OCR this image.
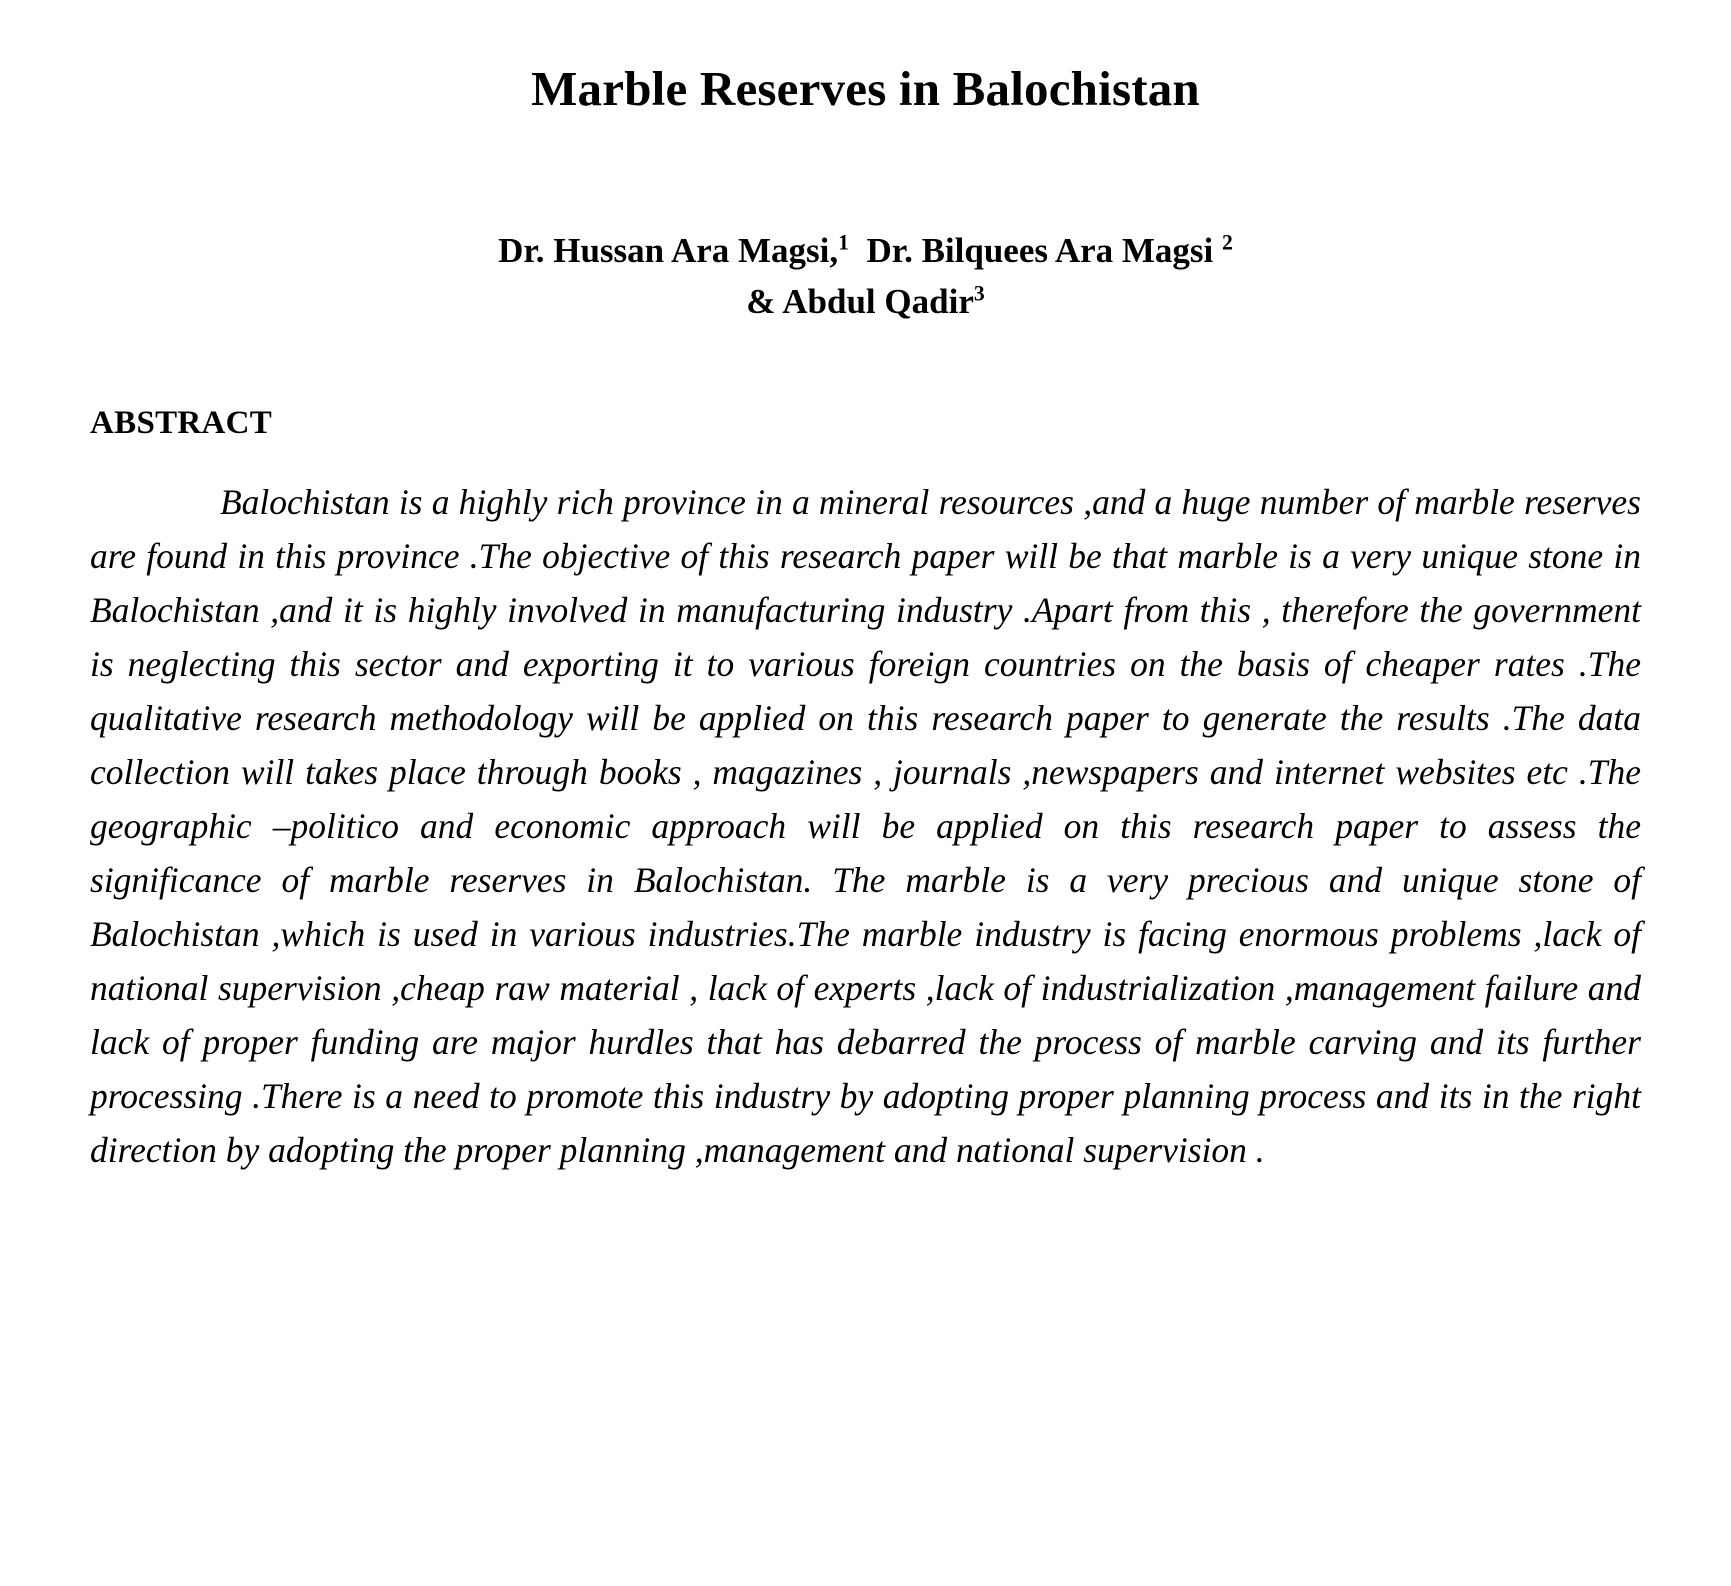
Marble Reserves in Balochistan
Dr. Hussan Ara Magsi,$^1$  Dr. Bilquees Ara Magsi $^2$
& Abdul Qadir$^3$
ABSTRACT

Balochistan is a highly rich province in a mineral resources ,and a huge number of marble reserves are found in this province .The objective of this research paper will be that marble is a very unique stone in Balochistan ,and it is highly involved in manufacturing industry .Apart from this , therefore the government is neglecting this sector and exporting it to various foreign countries on the basis of cheaper rates .The qualitative research methodology will be applied on this research paper to generate the results .The data collection will takes place through books , magazines , journals ,newspapers and internet websites etc .The geographic –politico and economic approach will be applied on this research paper to assess the significance of marble reserves in Balochistan. The marble is a very precious and unique stone of Balochistan ,which is used in various industries.The marble industry is facing enormous problems ,lack of national supervision ,cheap raw material , lack of experts ,lack of industrialization ,management failure and lack of proper funding are major hurdles that has debarred the process of marble carving and its further processing .There is a need to promote this industry by adopting proper planning process and its in the right direction by adopting the proper planning ,management and national supervision .
